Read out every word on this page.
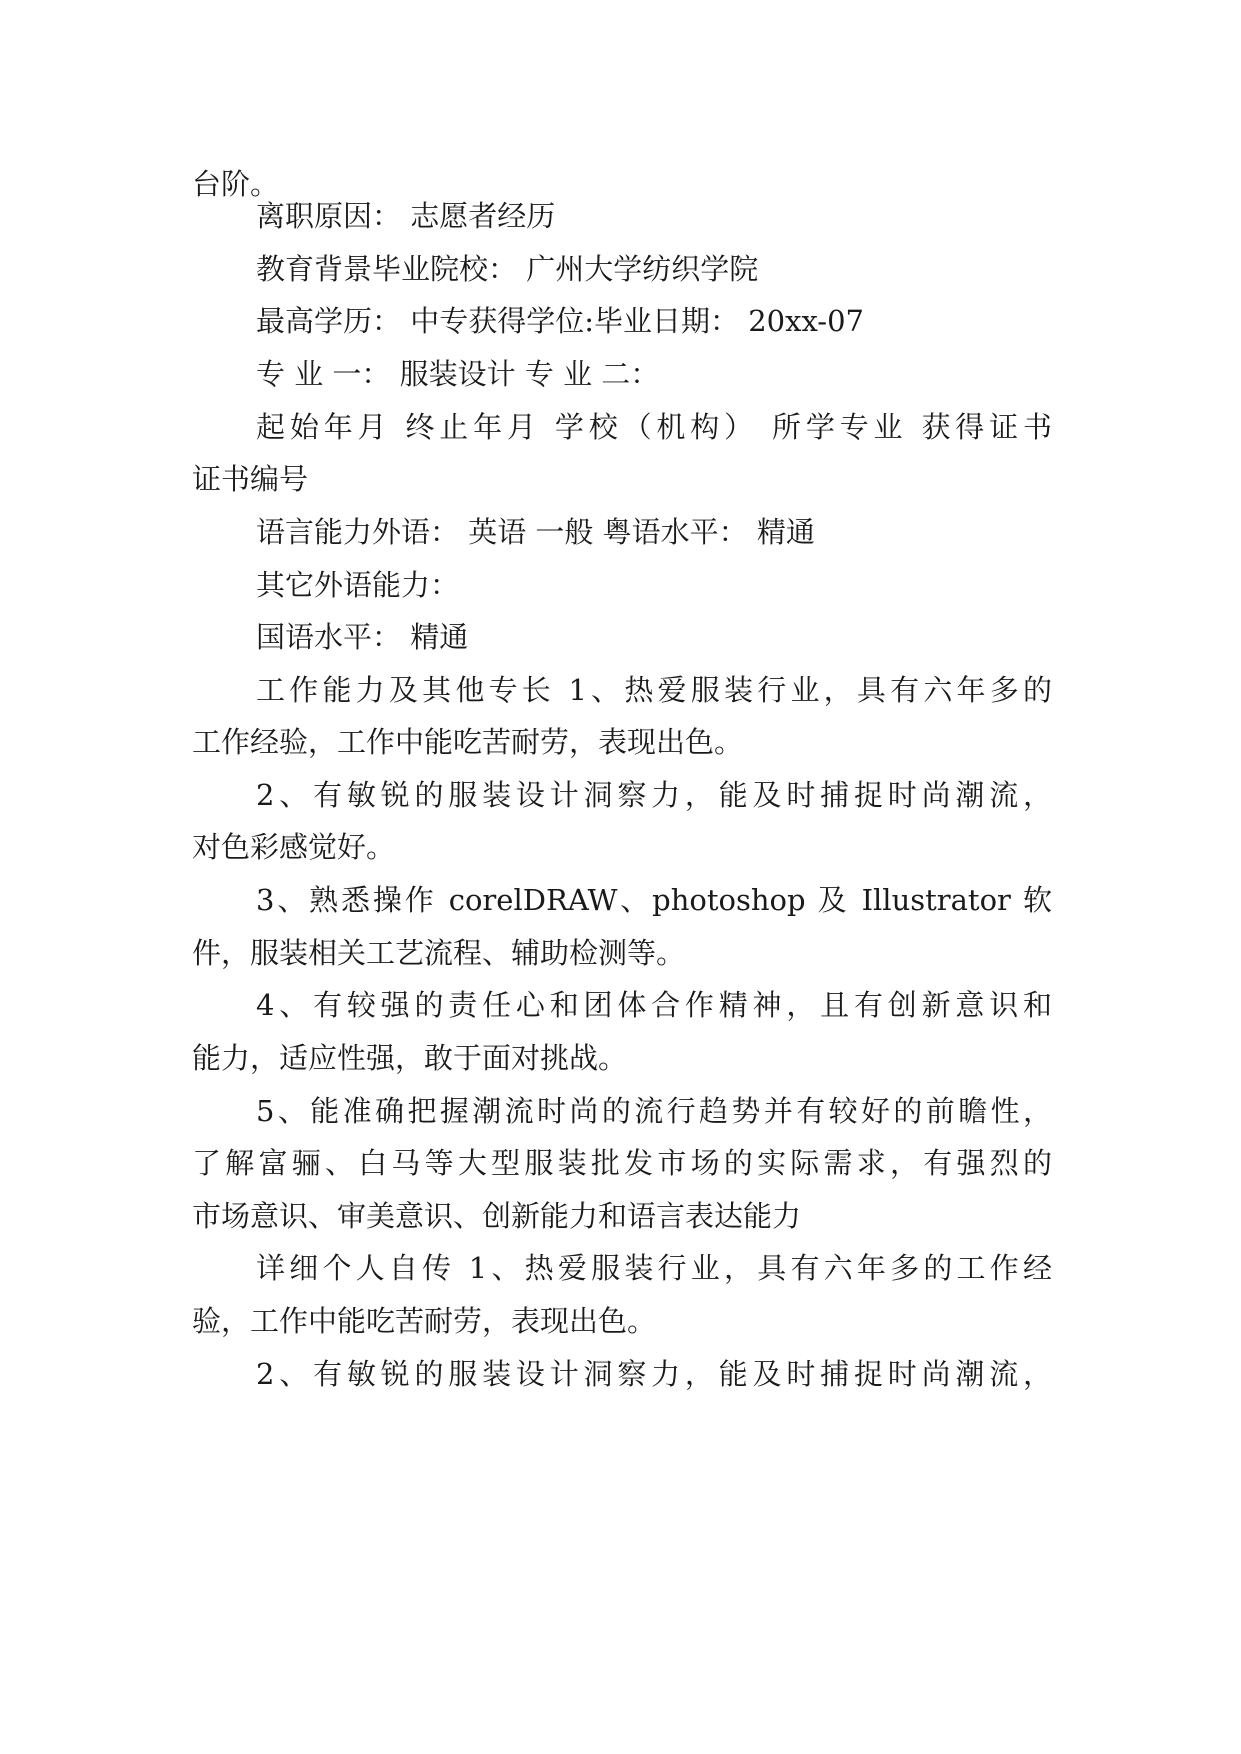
台阶。
离职原因： 志愿者经历
教育背景毕业院校： 广州大学纺织学院
最高学历： 中专获得学位:毕业日期： 20xx-07
专 业 一： 服装设计 专 业 二：
起始年月 终止年月 学校（机构） 所学专业 获得证书
证书编号
语言能力外语： 英语 一般 粤语水平： 精通
其它外语能力：
国语水平： 精通
工作能力及其他专长 1、热爱服装行业，具有六年多的
工作经验，工作中能吃苦耐劳，表现出色。
2、有敏锐的服装设计洞察力，能及时捕捉时尚潮流，
对色彩感觉好。
3、熟悉操作 corelDRAW、photoshop 及 Illustrator 软
件，服装相关工艺流程、辅助检测等。
4、有较强的责任心和团体合作精神，且有创新意识和
能力，适应性强，敢于面对挑战。
5、能准确把握潮流时尚的流行趋势并有较好的前瞻性，
了解富骊、白马等大型服装批发市场的实际需求，有强烈的
市场意识、审美意识、创新能力和语言表达能力
详细个人自传 1、热爱服装行业，具有六年多的工作经
验，工作中能吃苦耐劳，表现出色。
2、有敏锐的服装设计洞察力，能及时捕捉时尚潮流，
